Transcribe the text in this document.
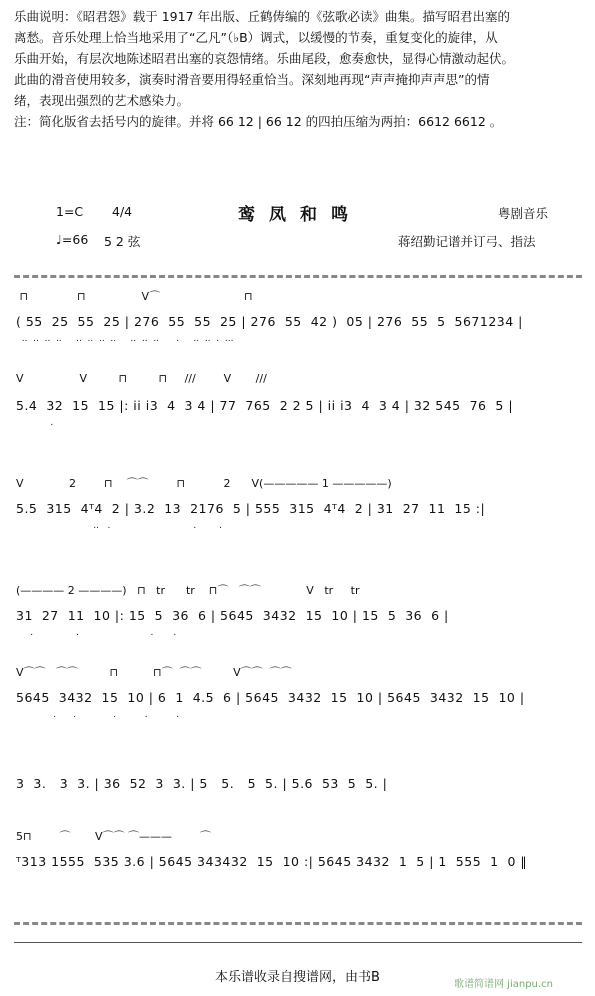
乐曲说明：《昭君怨》载于 1917 年出版、丘鹤俦编的《弦歌必读》曲集。描写昭君出塞的

离愁。音乐处理上恰当地采用了“乙凡”（♭B）调式，以缓慢的节奏，重复变化的旋律，从

乐曲开始，有层次地陈述昭君出塞的哀怨情绪。乐曲尾段，愈奏愈快，显得心情激动起伏。

此曲的滑音使用较多，演奏时滑音要用得轻重恰当。深刻地再现“声声掩抑声声思”的情

绪，表现出强烈的艺术感染力。

注：简化版省去括号内的旋律。并将 66 12 | 66 12 的四拍压缩为两拍：6612 6612 。

鸾凤和鸣
1=C 4/4
♩=66 5 2 弦
粤剧音乐
蒋绍勤记谱并订弓、指法
⊓              ⊓                V⌒                        ⊓
( 55  25  55  25 | 276  55  55  25 | 276  55  42 )  05 | 276  55  5  5671234 |
..  ..  ..  ..     ..  ..  ..  ..     ..  ..  ..      .     ..  ..  .  ...
V                V         ⊓         ⊓     ///        V       ///
5.4  32  15  15 |: ii i3  4  3 4 | 77  765  2 2 5 | ii i3  4  3 4 | 32 545  76  5 |
.
V             2        ⊓    ⌒⌒        ⊓           2      V(————— 1 —————)
5.5  315  4ᵀ4  2 | 3.2  13  2176  5 | 555  315  4ᵀ4  2 | 31  27  11  15 :|
..   .                             .        .
(———— 2 ————)   ⊓   tr      tr    ⊓⌒   ⌒⌒             V   tr     tr
31  27  11  10 |: 15  5  36  6 | 5645  3432  15  10 | 15  5  36  6 |
.               .                         .       .
V⌒⌒   ⌒⌒         ⊓          ⊓⌒  ⌒⌒         V⌒⌒  ⌒⌒
5645  3432  15  10 | 6  1  4.5  6 | 5645  3432  15  10 | 5645  3432  15  10 |
.      .             .          .          .
3  3.   3  3. | 36  52  3  3. | 5   5.   5  5. | 5.6  53  5  5. |
5⊓        ⌒       V⌒⌒ ⌒———        ⌒
ᵀ313 1555  535 3.6 | 5645 343432  15  10 :| 5645 3432  1  5 | 1  555  1  0 ‖
本乐谱收录自搜谱网，由书B	歌谱简谱网 jianpu.cn
